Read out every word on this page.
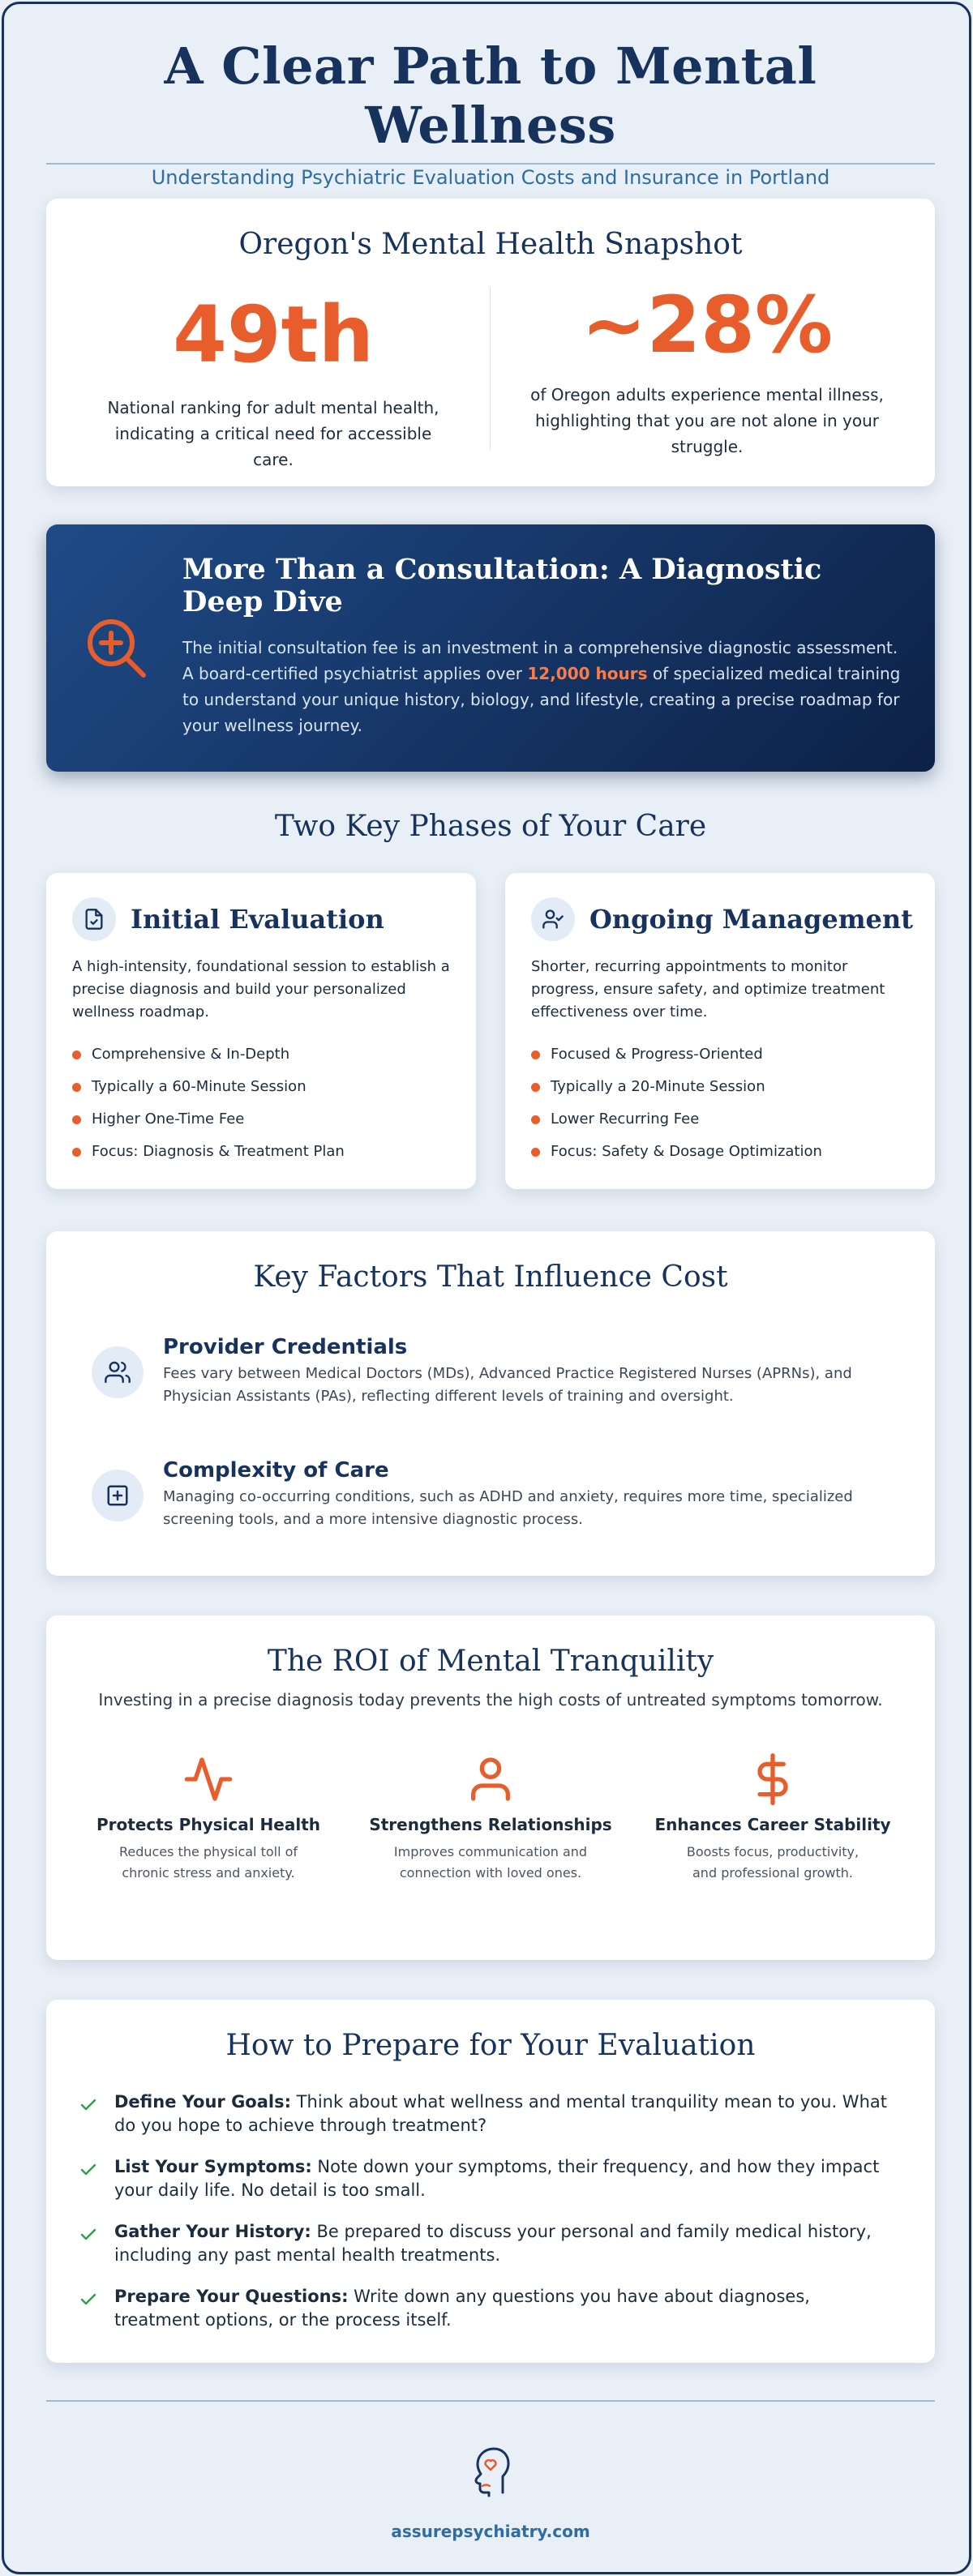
A Clear Path to Mental Wellness
Understanding Psychiatric Evaluation Costs and Insurance in Portland
Oregon's Mental Health Snapshot
49th
National ranking for adult mental health, indicating a critical need for accessible care.
~28%
of Oregon adults experience mental illness, highlighting that you are not alone in your struggle.
More Than a Consultation: A Diagnostic Deep Dive

The initial consultation fee is an investment in a comprehensive diagnostic assessment. A board-certified psychiatrist applies over 12,000 hours of specialized medical training to understand your unique history, biology, and lifestyle, creating a precise roadmap for your wellness journey.

Two Key Phases of Your Care
Initial Evaluation

A high-intensity, foundational session to establish a precise diagnosis and build your personalized wellness roadmap.

Comprehensive & In-Depth
Typically a 60-Minute Session
Higher One-Time Fee
Focus: Diagnosis & Treatment Plan
Ongoing Management

Shorter, recurring appointments to monitor progress, ensure safety, and optimize treatment effectiveness over time.

Focused & Progress-Oriented
Typically a 20-Minute Session
Lower Recurring Fee
Focus: Safety & Dosage Optimization
Key Factors That Influence Cost
Provider Credentials

Fees vary between Medical Doctors (MDs), Advanced Practice Registered Nurses (APRNs), and Physician Assistants (PAs), reflecting different levels of training and oversight.

Complexity of Care

Managing co-occurring conditions, such as ADHD and anxiety, requires more time, specialized screening tools, and a more intensive diagnostic process.

The ROI of Mental Tranquility
Investing in a precise diagnosis today prevents the high costs of untreated symptoms tomorrow.
Protects Physical Health

Reduces the physical toll of chronic stress and anxiety.

Strengthens Relationships

Improves communication and connection with loved ones.

Enhances Career Stability

Boosts focus, productivity, and professional growth.

How to Prepare for Your Evaluation
Define Your Goals: Think about what wellness and mental tranquility mean to you. What do you hope to achieve through treatment?
List Your Symptoms: Note down your symptoms, their frequency, and how they impact your daily life. No detail is too small.
Gather Your History: Be prepared to discuss your personal and family medical history, including any past mental health treatments.
Prepare Your Questions: Write down any questions you have about diagnoses, treatment options, or the process itself.
assurepsychiatry.com
